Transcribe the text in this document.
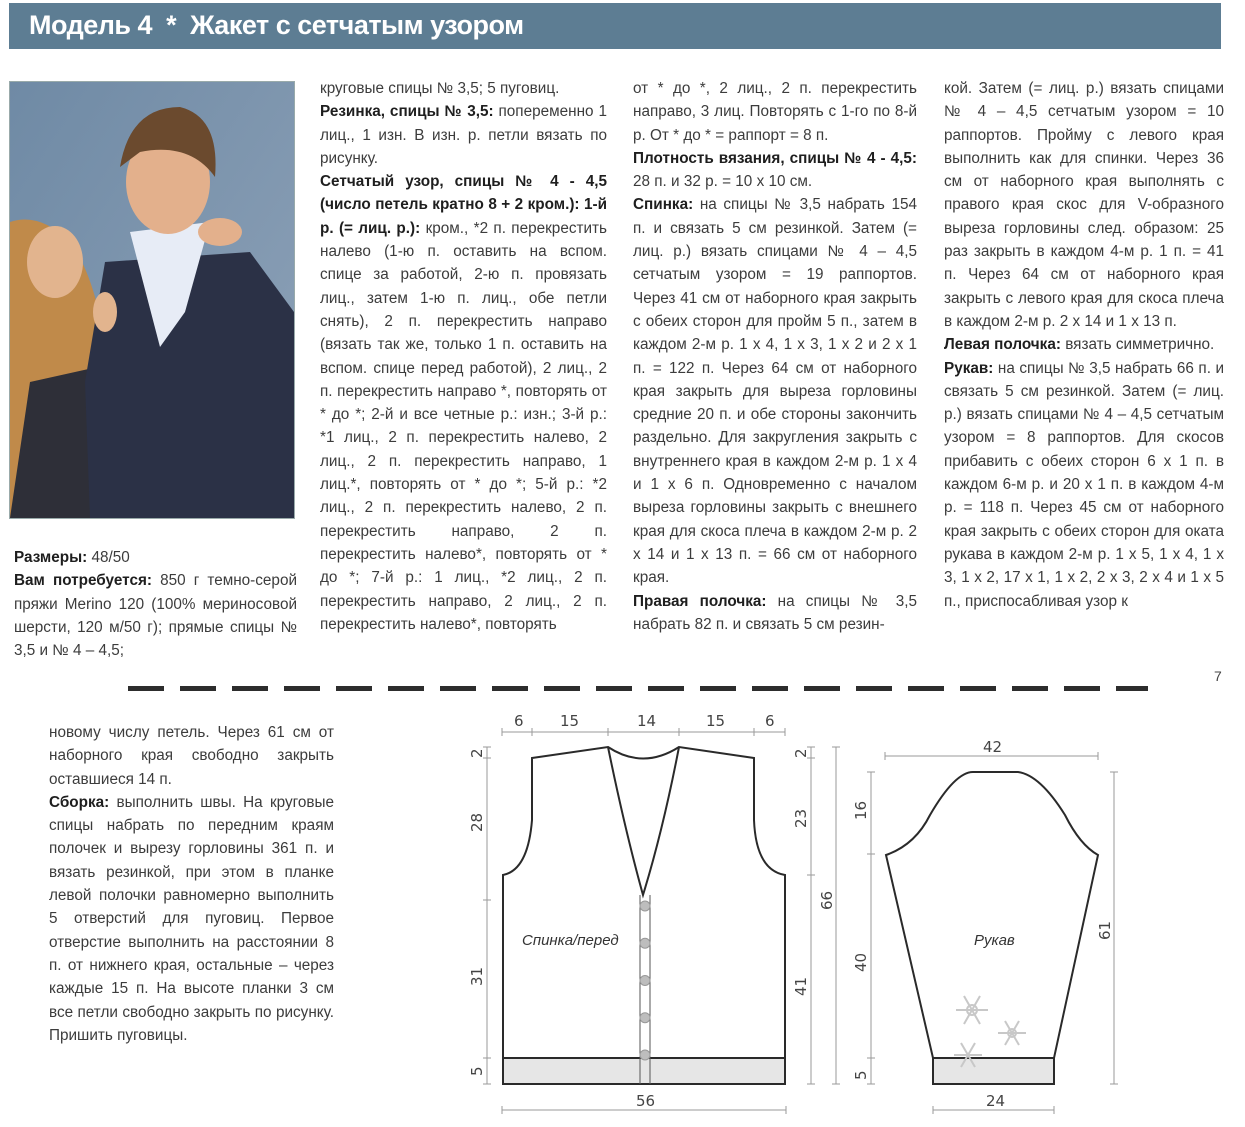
Модель 4 * Жакет с сетчатым узором

Размеры: 48/50

Вам потребуется: 850 г темно-серой пряжи Merino 120 (100% мериносовой шерсти, 120 м/50 г); прямые спицы № 3,5 и № 4 – 4,5;

круговые спицы № 3,5; 5 пуговиц.

Резинка, спицы № 3,5: попеременно 1 лиц., 1 изн. В изн. р. петли вязать по рисунку.

Сетчатый узор, спицы № 4 - 4,5 (число петель кратно 8 + 2 кром.): 1-й р. (= лиц. р.): кром., *2 п. перекрестить налево (1-ю п. оставить на вспом. спице за работой, 2-ю п. провязать лиц., затем 1-ю п. лиц., обе петли снять), 2 п. перекрестить направо (вязать так же, только 1 п. оставить на вспом. спице перед работой), 2 лиц., 2 п. перекрестить направо *, повторять от * до *; 2-й и все четные р.: изн.; 3-й р.: *1 лиц., 2 п. перекрестить налево, 2 лиц., 2 п. перекрестить направо, 1 лиц.*, повторять от * до *; 5-й р.: *2 лиц., 2 п. перекрестить налево, 2 п. перекрестить направо, 2 п. перекрестить налево*, повторять от * до *; 7-й р.: 1 лиц., *2 лиц., 2 п. перекрестить направо, 2 лиц., 2 п. перекрестить налево*, повторять

от * до *, 2 лиц., 2 п. перекрестить направо, 3 лиц. Повторять с 1-го по 8-й р. От * до * = раппорт = 8 п.

Плотность вязания, спицы № 4 - 4,5: 28 п. и 32 р. = 10 х 10 см.

Спинка: на спицы № 3,5 набрать 154 п. и связать 5 см резинкой. Затем (= лиц. р.) вязать спицами № 4 – 4,5 сетчатым узором = 19 раппортов. Через 41 см от наборного края закрыть с обеих сторон для пройм 5 п., затем в каждом 2-м р. 1 х 4, 1 х 3, 1 х 2 и 2 х 1 п. = 122 п. Через 64 см от наборного края закрыть для выреза горловины средние 20 п. и обе стороны закончить раздельно. Для закругления закрыть с внутреннего края в каждом 2-м р. 1 х 4 и 1 х 6 п. Одновременно с началом выреза горловины закрыть с внешнего края для скоса плеча в каждом 2-м р. 2 х 14 и 1 х 13 п. = 66 см от наборного края.

Правая полочка: на спицы № 3,5 набрать 82 п. и связать 5 см резин-

кой. Затем (= лиц. р.) вязать спицами № 4 – 4,5 сетчатым узором = 10 раппортов. Пройму с левого края выполнить как для спинки. Через 36 см от наборного края выполнять с правого края скос для V-образного выреза горловины след. образом: 25 раз закрыть в каждом 4-м р. 1 п. = 41 п. Через 64 см от наборного края закрыть с левого края для скоса плеча в каждом 2-м р. 2 х 14 и 1 х 13 п.

Левая полочка: вязать симметрично.

Рукав: на спицы № 3,5 набрать 66 п. и связать 5 см резинкой. Затем (= лиц. р.) вязать спицами № 4 – 4,5 сетчатым узором = 8 раппортов. Для скосов прибавить с обеих сторон 6 х 1 п. в каждом 6-м р. и 20 х 1 п. в каждом 4-м р. = 118 п. Через 45 см от наборного края закрыть с обеих сторон для оката рукава в каждом 2-м р. 1 х 5, 1 х 4, 1 х 3, 1 х 2, 17 х 1, 1 х 2, 2 х 3, 2 х 4 и 1 х 5 п., приспосабливая узор к

7

новому числу петель. Через 61 см от наборного края свободно закрыть оставшиеся 14 п.

Сборка: выполнить швы. На круговые спицы набрать по передним краям полочек и вырезу горловины 361 п. и вязать резинкой, при этом в планке левой полочки равномерно выполнить 5 отверстий для пуговиц. Первое отверстие выполнить на расстоянии 8 п. от нижнего края, остальные – через каждые 15 п. На высоте планки 3 см все петли свободно закрыть по рисунку. Пришить пуговицы.

Спинка/перед
6 15	14	15	6
2
28
31
5
2
23
41
66
56
Рукав
42
16
40
5
61
24
